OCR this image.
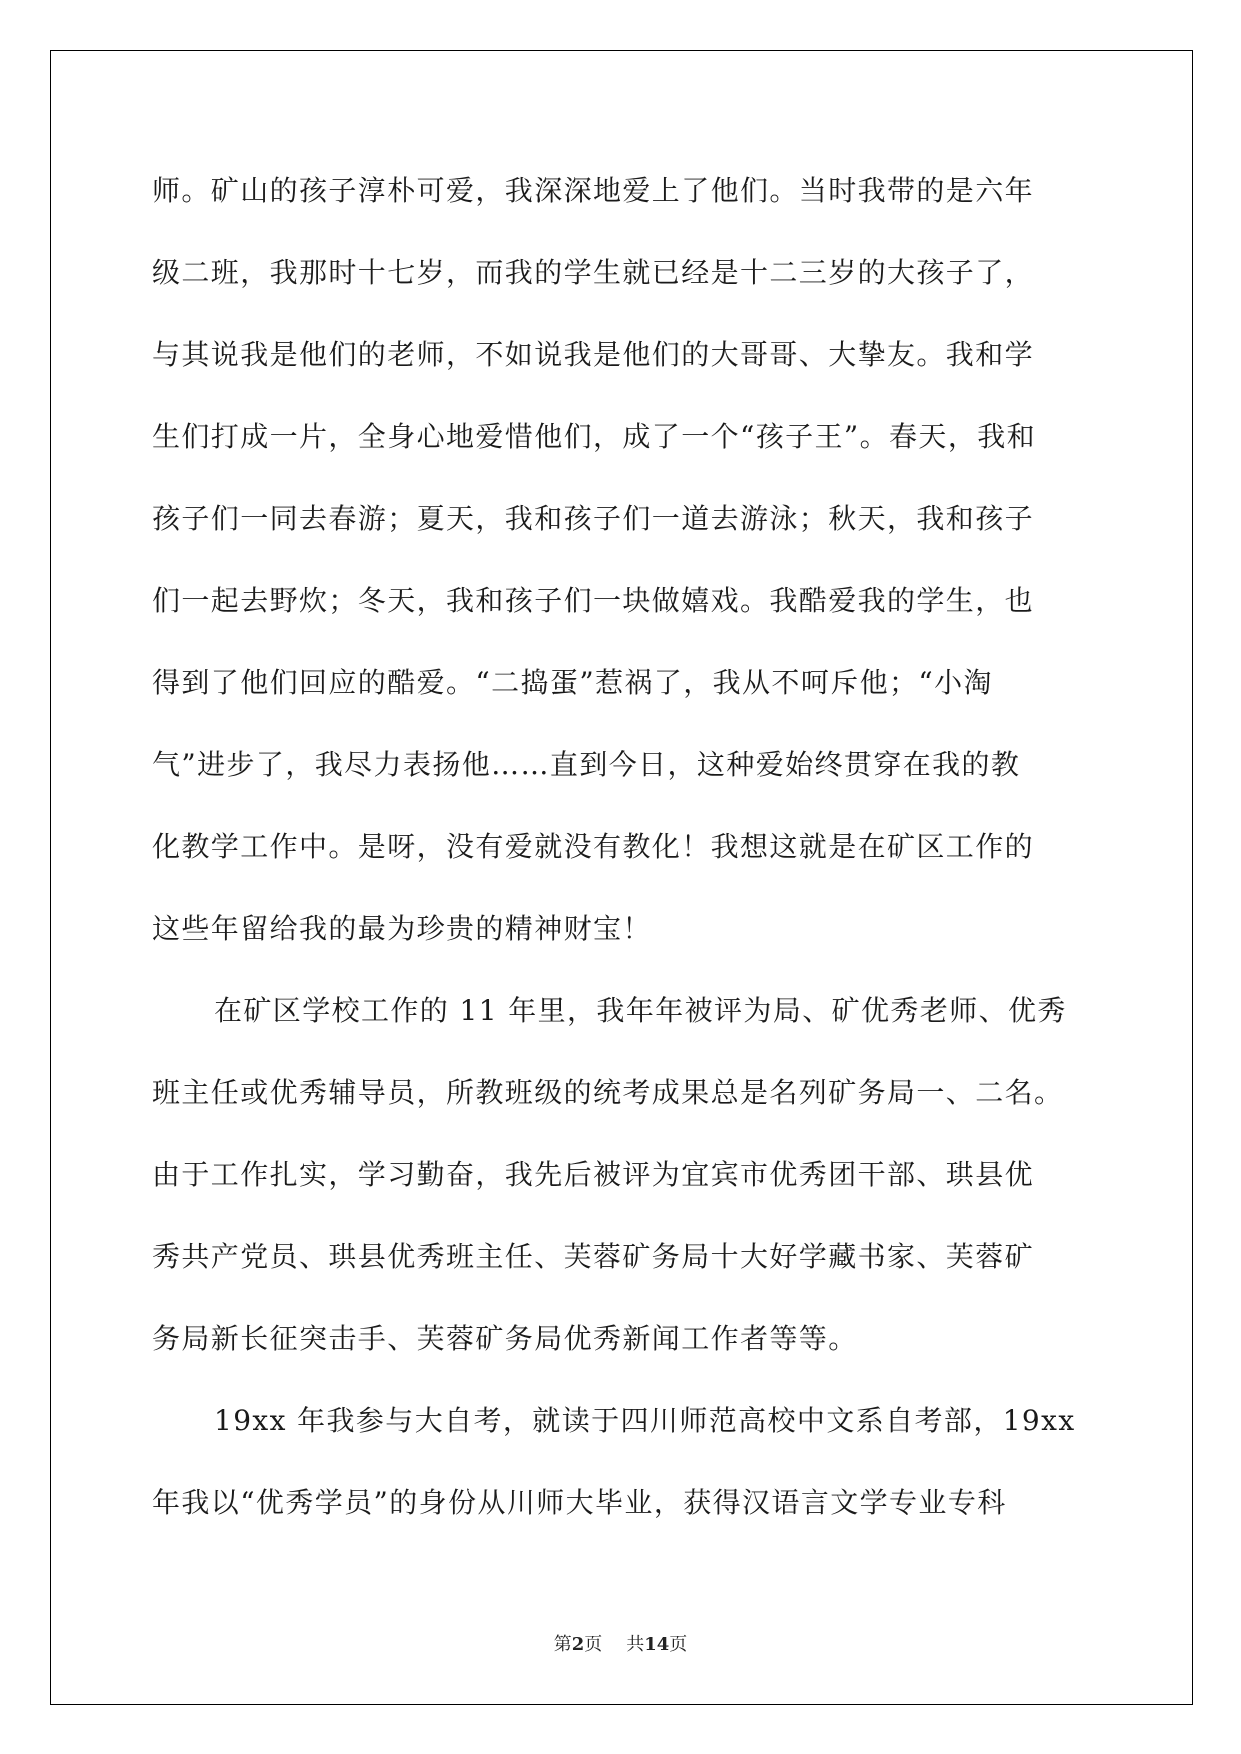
师。矿山的孩子淳朴可爱，我深深地爱上了他们。当时我带的是六年
级二班，我那时十七岁，而我的学生就已经是十二三岁的大孩子了，
与其说我是他们的老师，不如说我是他们的大哥哥、大挚友。我和学
生们打成一片，全身心地爱惜他们，成了一个“孩子王”。春天，我和
孩子们一同去春游；夏天，我和孩子们一道去游泳；秋天，我和孩子
们一起去野炊；冬天，我和孩子们一块做嬉戏。我酷爱我的学生，也
得到了他们回应的酷爱。“二捣蛋”惹祸了，我从不呵斥他；“小淘
气”进步了，我尽力表扬他……直到今日，这种爱始终贯穿在我的教
化教学工作中。是呀，没有爱就没有教化！我想这就是在矿区工作的
这些年留给我的最为珍贵的精神财宝！
在矿区学校工作的 11 年里，我年年被评为局、矿优秀老师、优秀
班主任或优秀辅导员，所教班级的统考成果总是名列矿务局一、二名。
由于工作扎实，学习勤奋，我先后被评为宜宾市优秀团干部、珙县优
秀共产党员、珙县优秀班主任、芙蓉矿务局十大好学藏书家、芙蓉矿
务局新长征突击手、芙蓉矿务局优秀新闻工作者等等。
19xx 年我参与大自考，就读于四川师范高校中文系自考部，19xx
年我以“优秀学员”的身份从川师大毕业，获得汉语言文学专业专科
第2页 共14页
